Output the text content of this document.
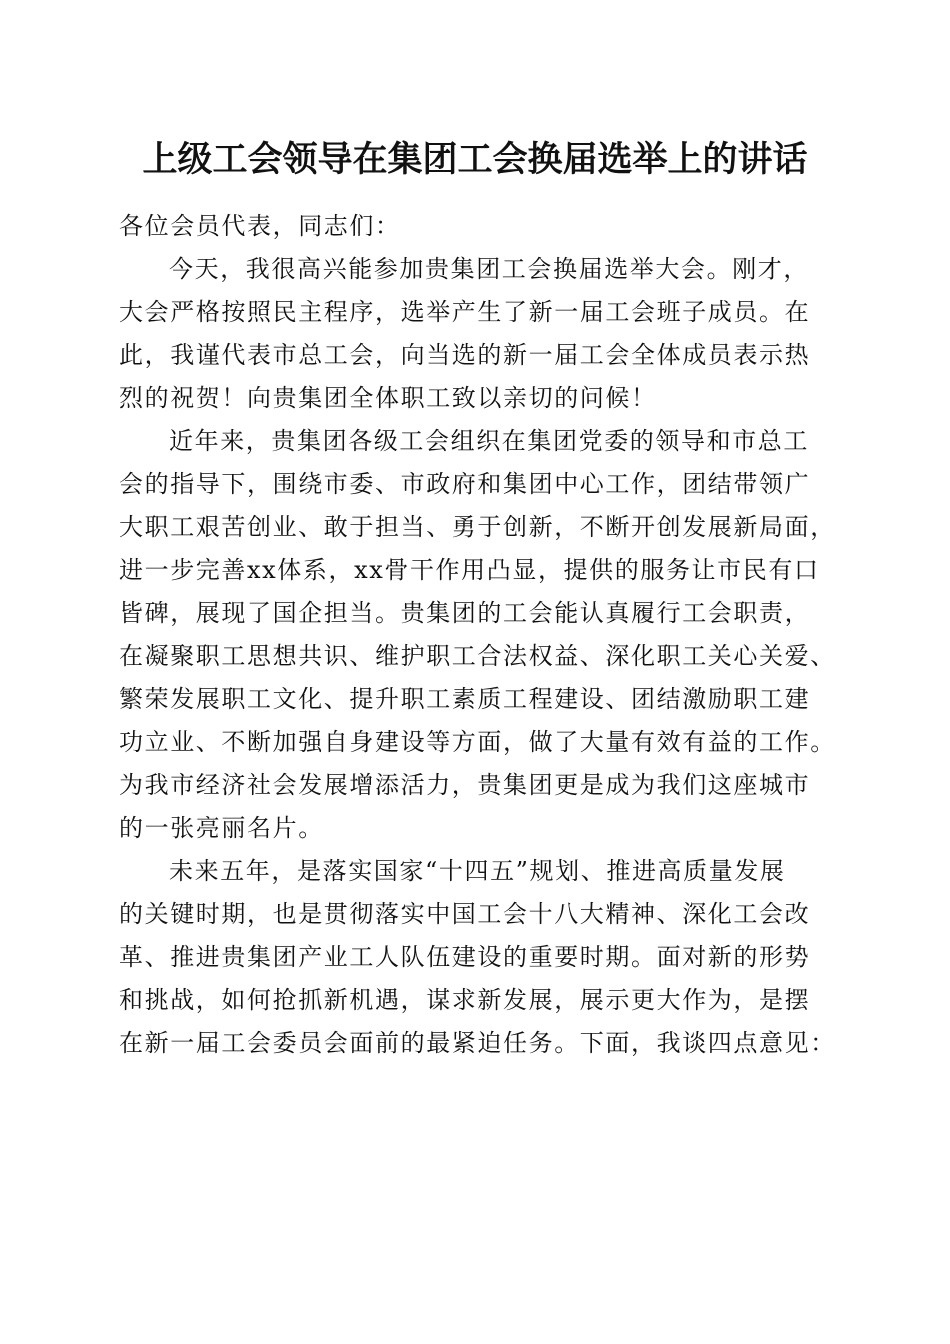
上级工会领导在集团工会换届选举上的讲话
各位会员代表，同志们：
今天，我很高兴能参加贵集团工会换届选举大会。刚才，
大会严格按照民主程序，选举产生了新一届工会班子成员。在
此，我谨代表市总工会，向当选的新一届工会全体成员表示热
烈的祝贺！向贵集团全体职工致以亲切的问候！
近年来，贵集团各级工会组织在集团党委的领导和市总工
会的指导下，围绕市委、市政府和集团中心工作，团结带领广
大职工艰苦创业、敢于担当、勇于创新，不断开创发展新局面，
进一步完善xx体系，xx骨干作用凸显，提供的服务让市民有口
皆碑，展现了国企担当。贵集团的工会能认真履行工会职责，
在凝聚职工思想共识、维护职工合法权益、深化职工关心关爱、
繁荣发展职工文化、提升职工素质工程建设、团结激励职工建
功立业、不断加强自身建设等方面，做了大量有效有益的工作。
为我市经济社会发展增添活力，贵集团更是成为我们这座城市
的一张亮丽名片。
未来五年，是落实国家“十四五”规划、推进高质量发展
的关键时期，也是贯彻落实中国工会十八大精神、深化工会改
革、推进贵集团产业工人队伍建设的重要时期。面对新的形势
和挑战，如何抢抓新机遇，谋求新发展，展示更大作为，是摆
在新一届工会委员会面前的最紧迫任务。下面，我谈四点意见：
